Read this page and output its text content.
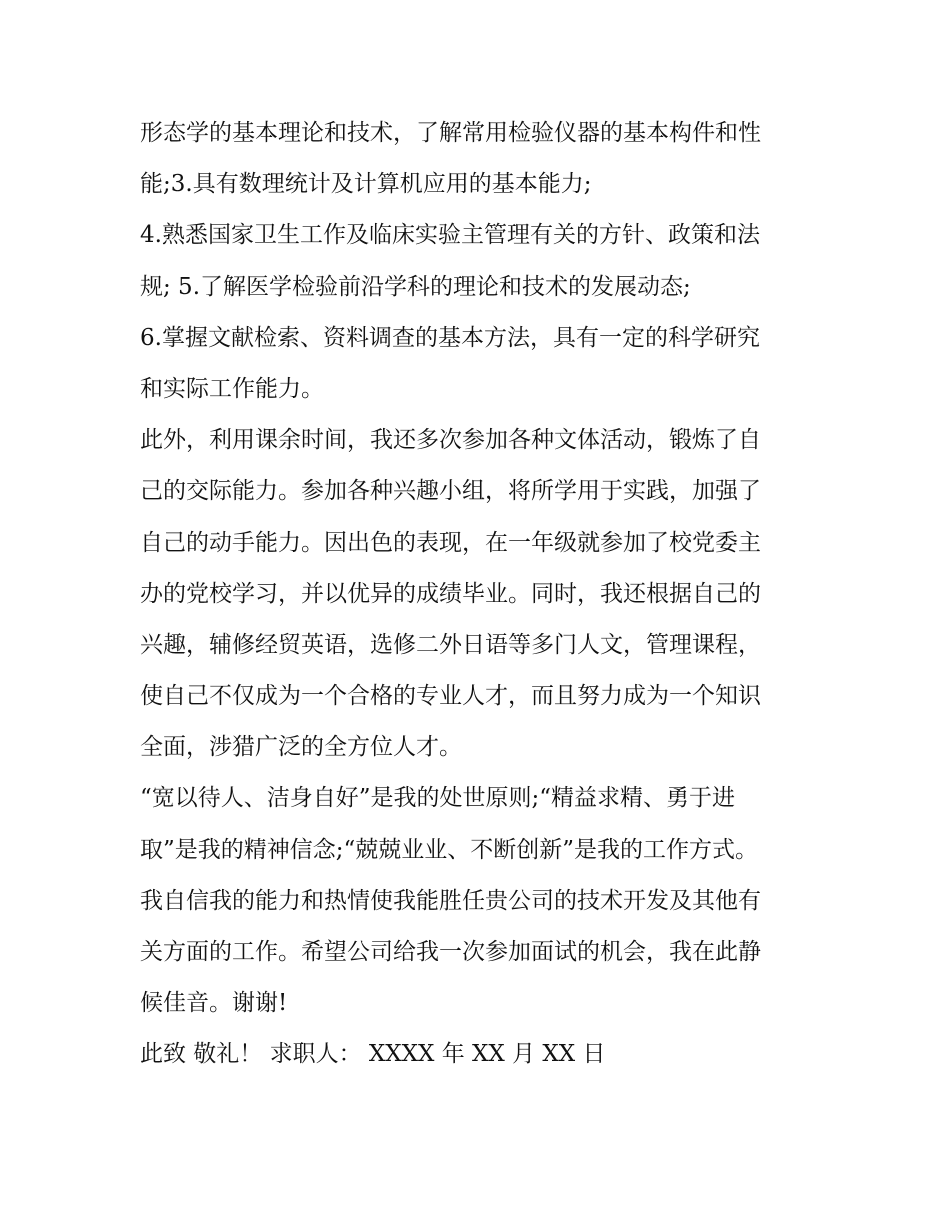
形态学的基本理论和技术，了解常用检验仪器的基本构件和性
能;3.具有数理统计及计算机应用的基本能力;
4.熟悉国家卫生工作及临床实验主管理有关的方针、政策和法
规; 5.了解医学检验前沿学科的理论和技术的发展动态;
6.掌握文献检索、资料调查的基本方法，具有一定的科学研究
和实际工作能力。
此外，利用课余时间，我还多次参加各种文体活动，锻炼了自
己的交际能力。参加各种兴趣小组，将所学用于实践，加强了
自己的动手能力。因出色的表现，在一年级就参加了校党委主
办的党校学习，并以优异的成绩毕业。同时，我还根据自己的
兴趣，辅修经贸英语，选修二外日语等多门人文，管理课程，
使自己不仅成为一个合格的专业人才，而且努力成为一个知识
全面，涉猎广泛的全方位人才。
“宽以待人、洁身自好”是我的处世原则;“精益求精、勇于进
取”是我的精神信念;“兢兢业业、不断创新”是我的工作方式。
我自信我的能力和热情使我能胜任贵公司的技术开发及其他有
关方面的工作。希望公司给我一次参加面试的机会，我在此静
候佳音。谢谢!
此致 敬礼！ 求职人： XXXX 年 XX 月 XX 日
